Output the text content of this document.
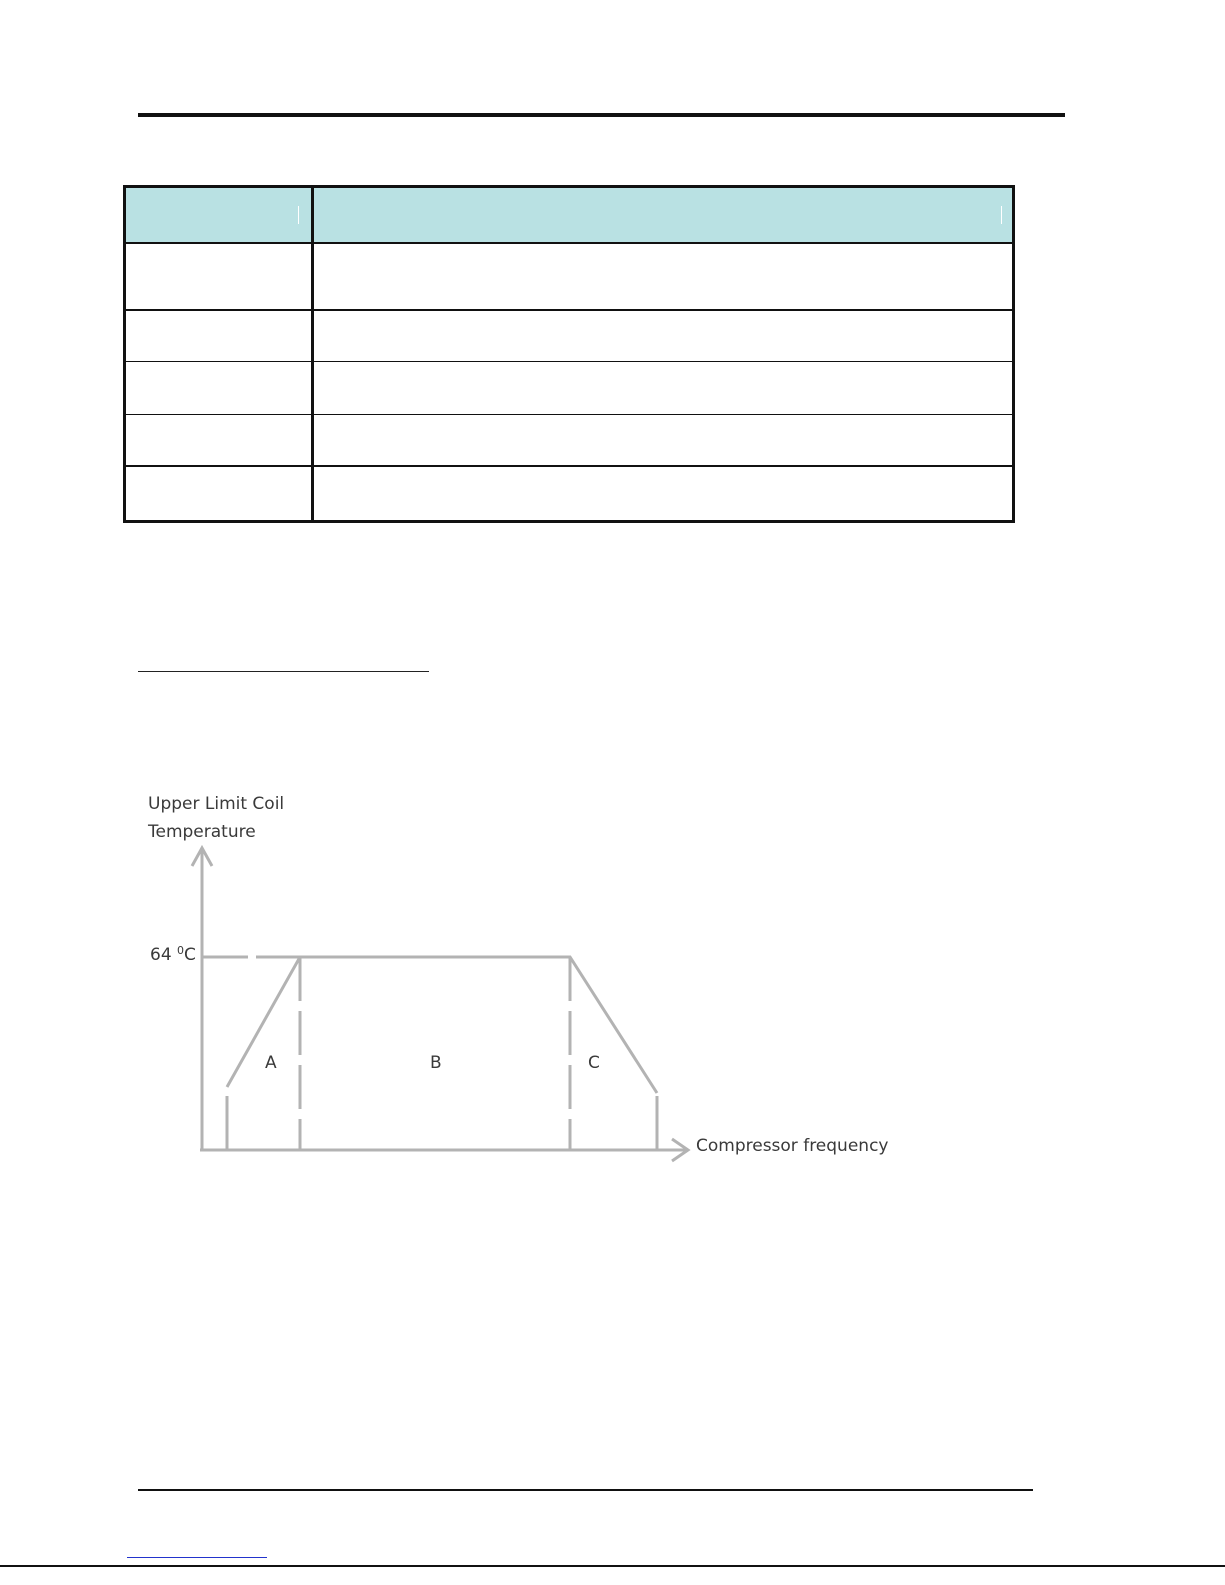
Upper Limit Coil
Temperature
64 $^0$C
A	B	C
Compressor frequency
